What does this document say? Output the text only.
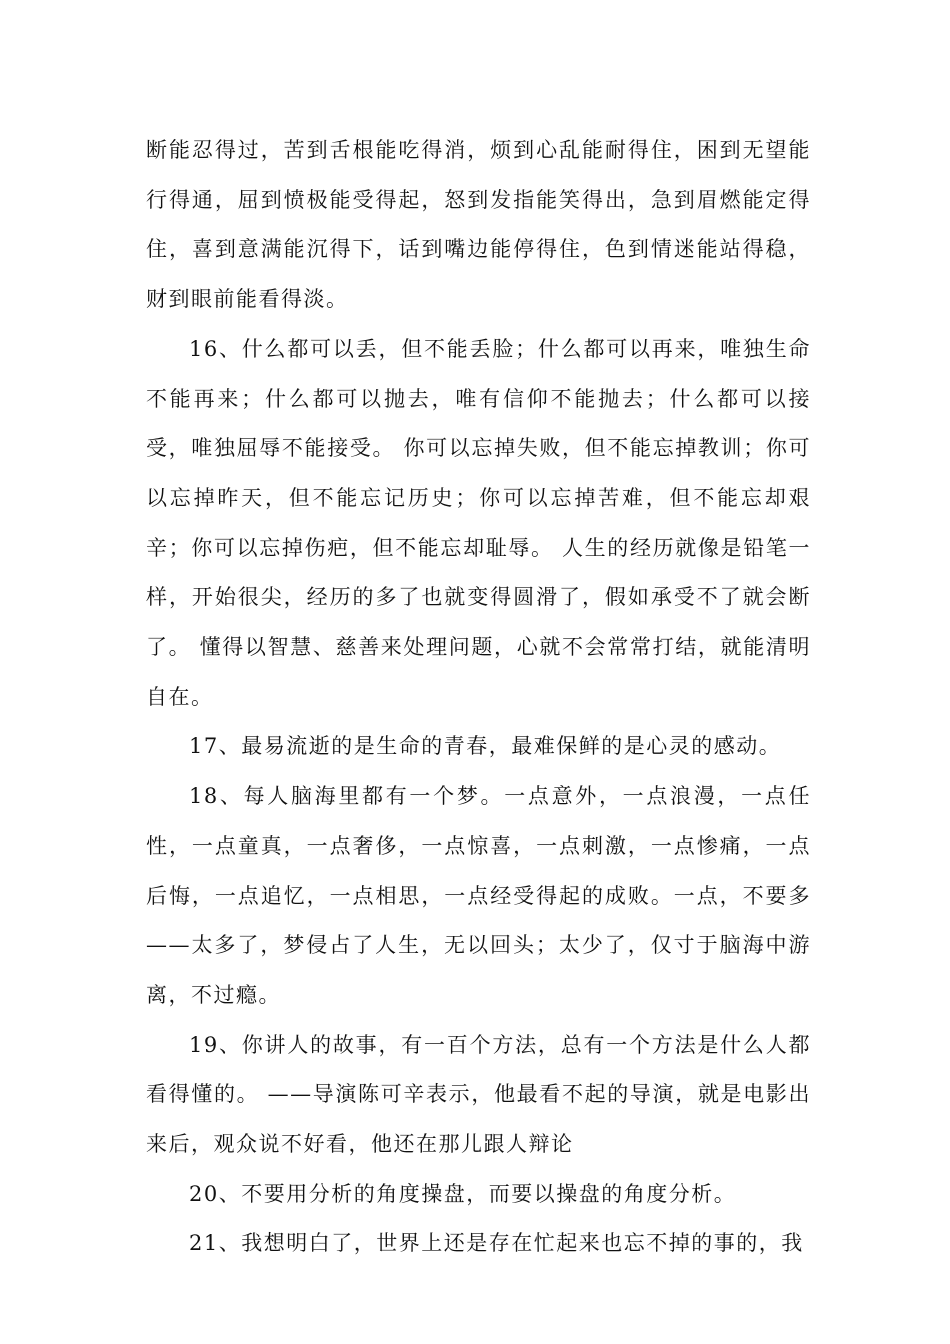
断能忍得过，苦到舌根能吃得消，烦到心乱能耐得住，困到无望能行得通，屈到愤极能受得起，怒到发指能笑得出，急到眉燃能定得住，喜到意满能沉得下，话到嘴边能停得住，色到情迷能站得稳，财到眼前能看得淡。

16、什么都可以丢，但不能丢脸；什么都可以再来，唯独生命不能再来；什么都可以抛去，唯有信仰不能抛去；什么都可以接受，唯独屈辱不能接受。 你可以忘掉失败，但不能忘掉教训；你可以忘掉昨天，但不能忘记历史；你可以忘掉苦难，但不能忘却艰辛；你可以忘掉伤疤，但不能忘却耻辱。 人生的经历就像是铅笔一样，开始很尖，经历的多了也就变得圆滑了，假如承受不了就会断了。 懂得以智慧、慈善来处理问题，心就不会常常打结，就能清明自在。

17、最易流逝的是生命的青春，最难保鲜的是心灵的感动。

18、每人脑海里都有一个梦。一点意外，一点浪漫，一点任性，一点童真，一点奢侈，一点惊喜，一点刺激，一点惨痛，一点后悔，一点追忆，一点相思，一点经受得起的成败。一点，不要多——太多了，梦侵占了人生，无以回头；太少了，仅寸于脑海中游离，不过瘾。

19、你讲人的故事，有一百个方法，总有一个方法是什么人都看得懂的。 ——导演陈可辛表示，他最看不起的导演，就是电影出来后，观众说不好看，他还在那儿跟人辩论

20、不要用分析的角度操盘，而要以操盘的角度分析。

21、我想明白了，世界上还是存在忙起来也忘不掉的事的，我
